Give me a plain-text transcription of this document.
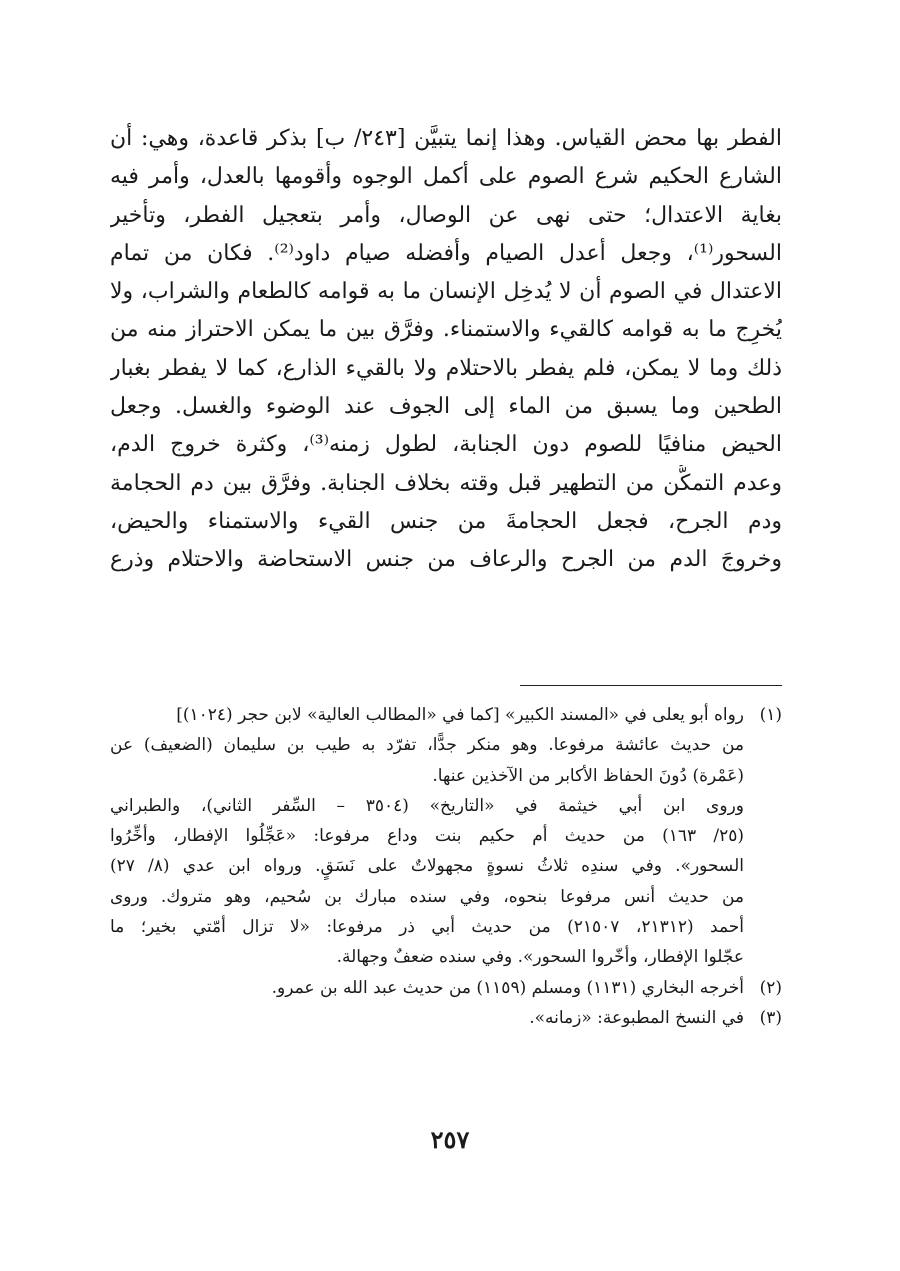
الفطر بها محض القياس. وهذا إنما يتبيَّن [٢٤٣/ ب] بذكر قاعدة، وهي: أن
الشارع الحكيم شرع الصوم على أكمل الوجوه وأقومها بالعدل، وأمر فيه
بغاية الاعتدال؛ حتى نهى عن الوصال، وأمر بتعجيل الفطر، وتأخير
السحور⁽¹⁾، وجعل أعدل الصيام وأفضله صيام داود⁽²⁾. فكان من تمام
الاعتدال في الصوم أن لا يُدخِل الإنسان ما به قوامه كالطعام والشراب، ولا
يُخرِج ما به قوامه كالقيء والاستمناء. وفرَّق بين ما يمكن الاحتراز منه من
ذلك وما لا يمكن، فلم يفطر بالاحتلام ولا بالقيء الذارع، كما لا يفطر بغبار
الطحين وما يسبق من الماء إلى الجوف عند الوضوء والغسل. وجعل
الحيض منافيًا للصوم دون الجنابة، لطول زمنه⁽³⁾، وكثرة خروج الدم،
وعدم التمكُّن من التطهير قبل وقته بخلاف الجنابة. وفرَّق بين دم الحجامة
ودم الجرح، فجعل الحجامةَ من جنس القيء والاستمناء والحيض،
وخروجَ الدم من الجرح والرعاف من جنس الاستحاضة والاحتلام وذرع
(١)رواه أبو يعلى في «المسند الكبير» [كما في «المطالب العالية» لابن حجر (١٠٢٤)]
من حديث عائشة مرفوعا. وهو منكر جدًّا، تفرّد به طيب بن سليمان (الضعيف) عن
(عَمْرة) دُونَ الحفاظ الأكابر من الآخذين عنها.
وروى ابن أبي خيثمة في «التاريخ» (٣٥٠٤ – السِّفر الثاني)، والطبراني
(٢٥/ ١٦٣) من حديث أم حكيم بنت وداع مرفوعا: «عَجِّلُوا الإفطار، وأخِّرُوا
السحور». وفي سندِه ثلاثُ نسوةٍ مجهولاتٌ على نَسَقٍ. ورواه ابن عدي (٨/ ٢٧)
من حديث أنس مرفوعا بنحوه، وفي سنده مبارك بن سُحيم، وهو متروك. وروى
أحمد (٢١٣١٢، ٢١٥٠٧) من حديث أبي ذر مرفوعا: «لا تزال أمّتي بخير؛ ما
عجّلوا الإفطار، وأخّروا السحور». وفي سنده ضعفٌ وجهالة.
(٢)أخرجه البخاري (١١٣١) ومسلم (١١٥٩) من حديث عبد الله بن عمرو.
(٣)في النسخ المطبوعة: «زمانه».
٢٥٧
